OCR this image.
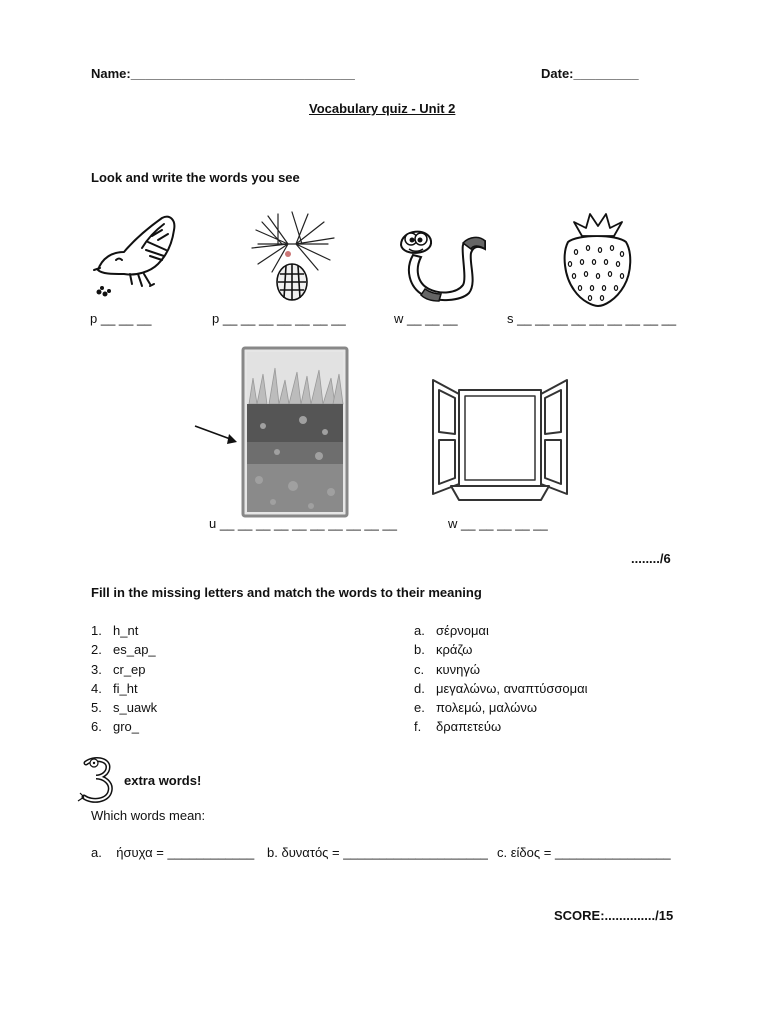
Name:_______________________________	Date:_________
Vocabulary quiz - Unit 2
Look and write the words you see
p __ __ __	p __ __ __ __ __ __ __	w __ __ __	s __ __ __ __ __ __ __ __ __
u __ __ __ __ __ __ __ __ __ __	w __ __ __ __ __
......../6
Fill in the missing letters and match the words to their meaning
1. h_nt
2. es_ap_
3. cr_ep
4. fi_ht
5. s_uawk
6. gro_
a. σέρνομαι
b. κράζω
c. κυνηγώ
d. μεγαλώνω, αναπτύσσομαι
e. πολεμώ, μαλώνω
f. δραπετεύω
3 extra words!
Which words mean:
a.    ήσυχα = ____________ b. δυνατός = ____________________ c. είδος = ________________
SCORE:............../15
